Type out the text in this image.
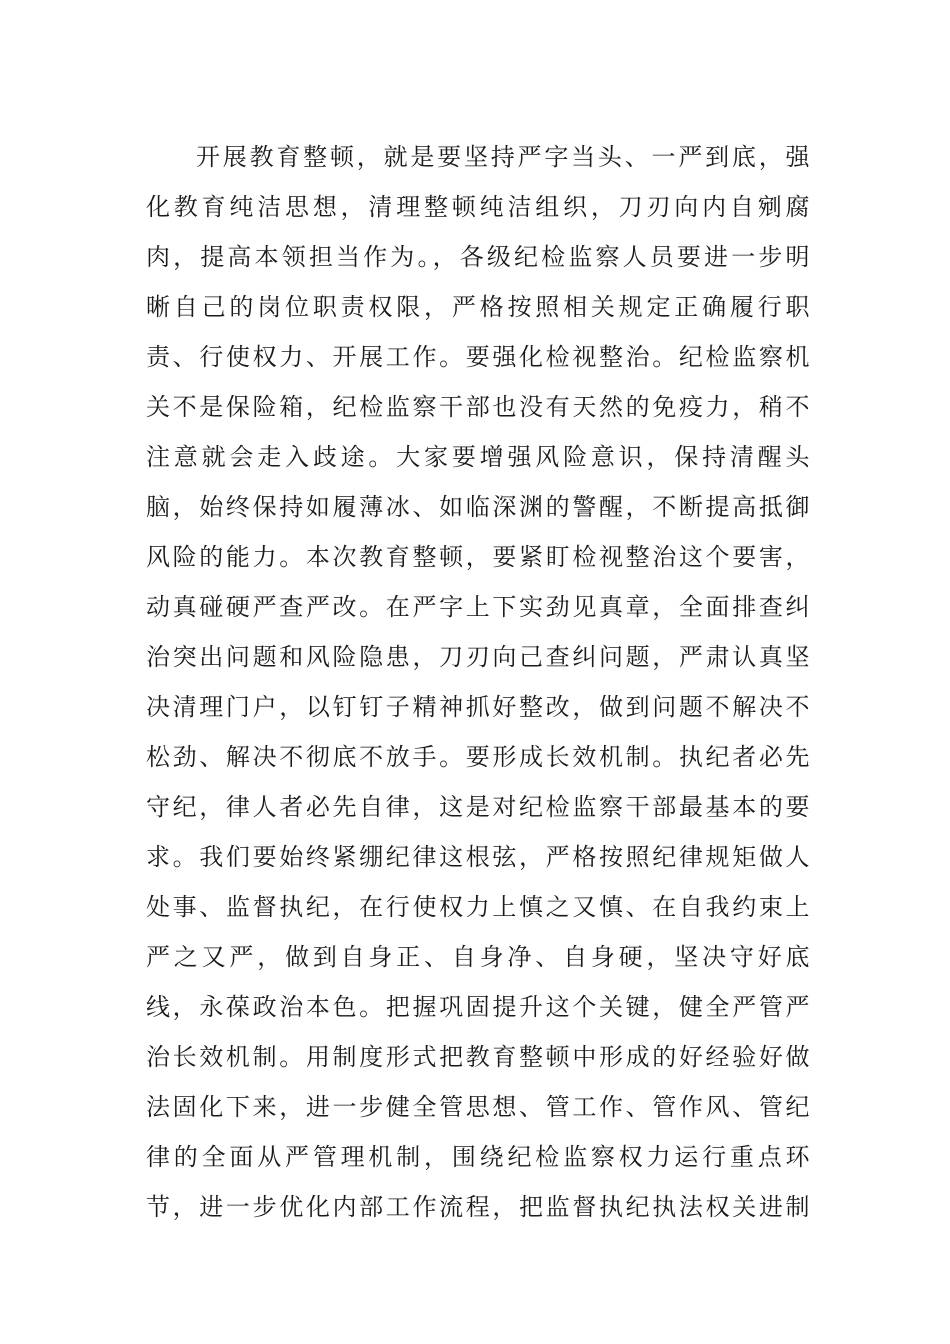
开展教育整顿，就是要坚持严字当头、一严到底，强
化教育纯洁思想，清理整顿纯洁组织，刀刃向内自剜腐
肉，提高本领担当作为。，各级纪检监察人员要进一步明
晰自己的岗位职责权限，严格按照相关规定正确履行职
责、行使权力、开展工作。要强化检视整治。纪检监察机
关不是保险箱，纪检监察干部也没有天然的免疫力，稍不
注意就会走入歧途。大家要增强风险意识，保持清醒头
脑，始终保持如履薄冰、如临深渊的警醒，不断提高抵御
风险的能力。本次教育整顿，要紧盯检视整治这个要害，
动真碰硬严查严改。在严字上下实劲见真章，全面排查纠
治突出问题和风险隐患，刀刃向己查纠问题，严肃认真坚
决清理门户，以钉钉子精神抓好整改，做到问题不解决不
松劲、解决不彻底不放手。要形成长效机制。执纪者必先
守纪，律人者必先自律，这是对纪检监察干部最基本的要
求。我们要始终紧绷纪律这根弦，严格按照纪律规矩做人
处事、监督执纪，在行使权力上慎之又慎、在自我约束上
严之又严，做到自身正、自身净、自身硬，坚决守好底
线，永葆政治本色。把握巩固提升这个关键，健全严管严
治长效机制。用制度形式把教育整顿中形成的好经验好做
法固化下来，进一步健全管思想、管工作、管作风、管纪
律的全面从严管理机制，围绕纪检监察权力运行重点环
节，进一步优化内部工作流程，把监督执纪执法权关进制
